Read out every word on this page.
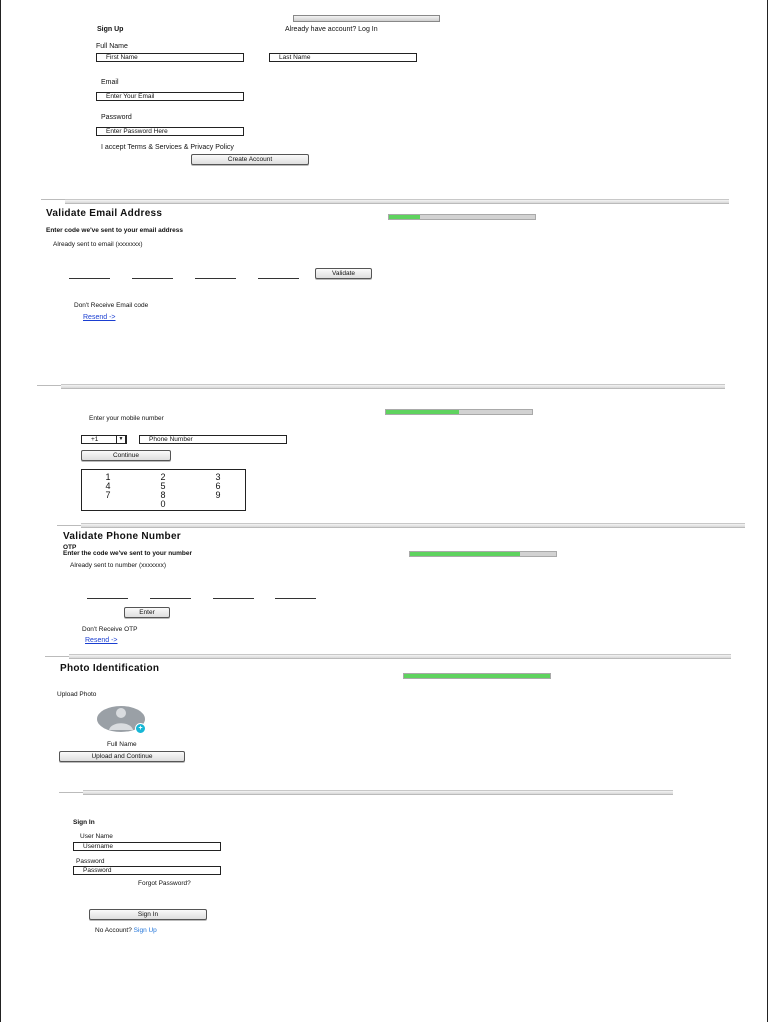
Sign Up	Already have account? Log In
Full Name
First Name	Last Name
Email
Enter Your Email
Password
Enter Password Here
I accept Terms & Services & Privacy Policy
Create Account
Validate Email Address
Enter code we've sent to your email address
Already sent to email (xxxxxxx)
Validate
Don't Receive Email code
Resend ->
Enter your mobile number
+1	▼	Phone Number
Continue
1	2	3
4	5	6
7	8	9
0
Validate Phone Number
OTP
Enter the code we've sent to your number
Already sent to number (xxxxxxx)
Enter
Don't Receive OTP
Resend ->
Photo Identification
Upload Photo
+
Full Name
Upload and Continue
Sign In
User Name
Username
Password
Password
Forgot Password?
Sign In
No Account? Sign Up
